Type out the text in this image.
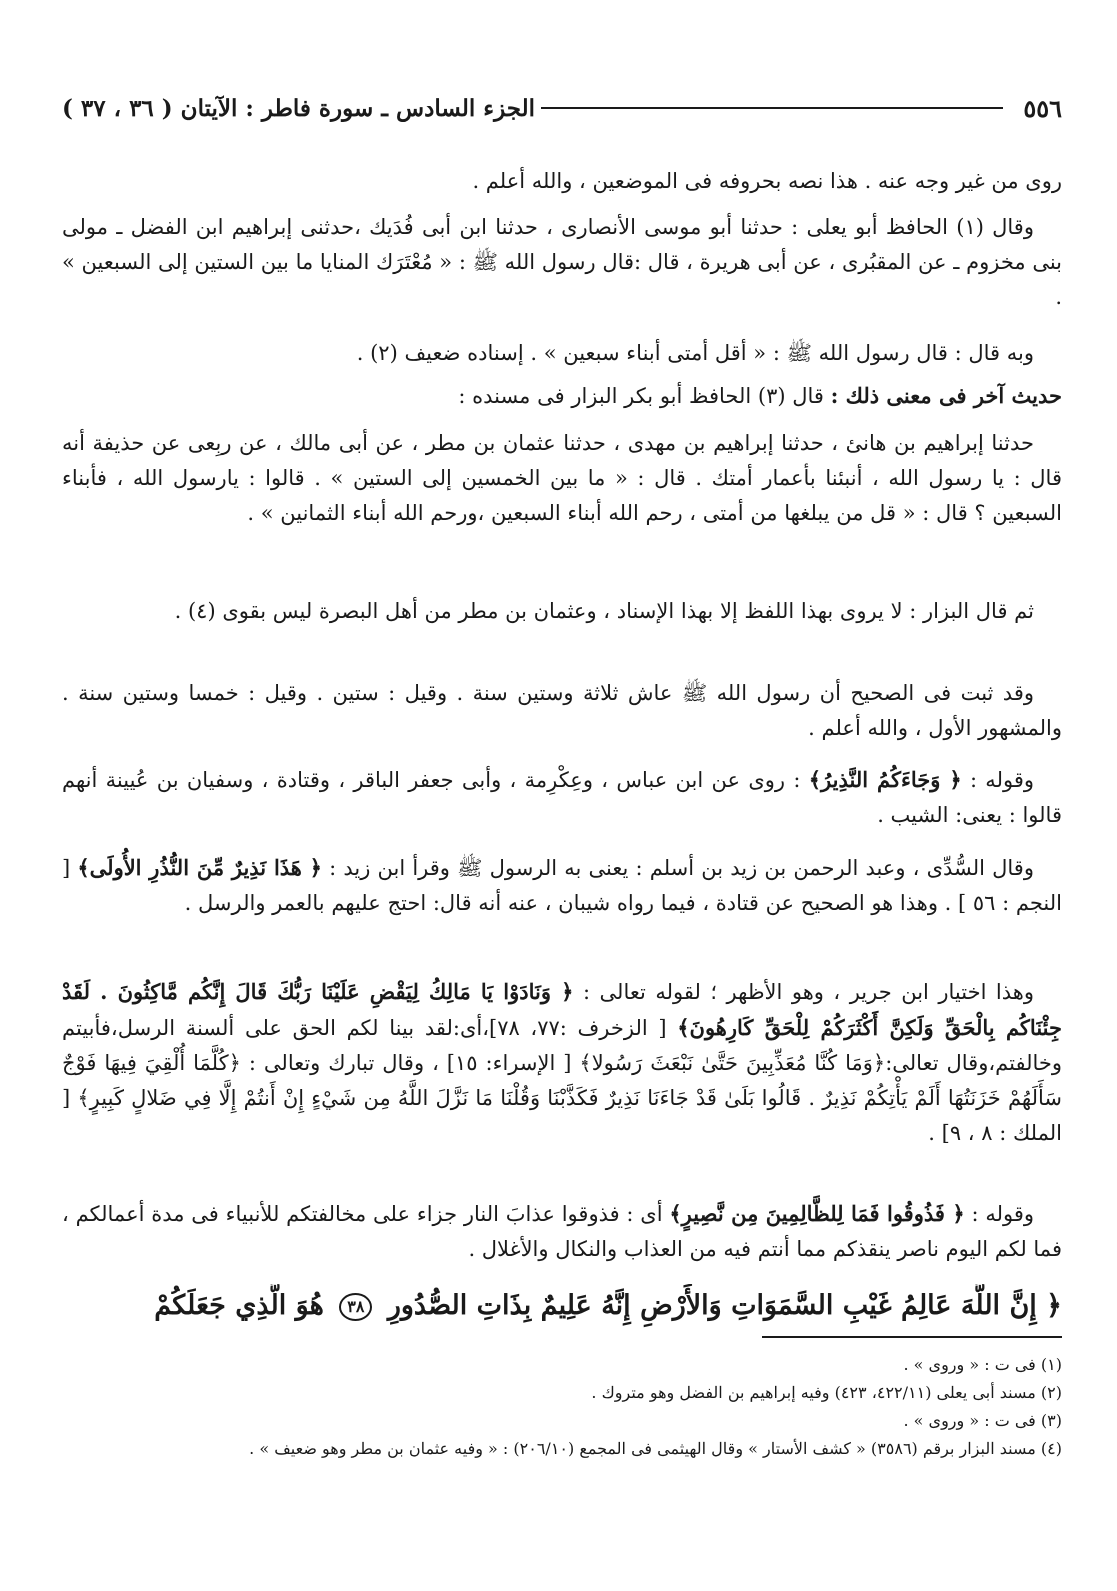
٥٥٦
الجزء السادس ـ سورة فاطر : الآيتان ( ٣٦ ، ٣٧ )
روى من غير وجه عنه . هذا نصه بحروفه فى الموضعين ، والله أعلم .
وقال (١) الحافظ أبو يعلى : حدثنا أبو موسى الأنصارى ، حدثنا ابن أبى فُدَيك ،حدثنى إبراهيم ابن الفضل ـ مولى بنى مخزوم ـ عن المقبُرى ، عن أبى هريرة ، قال :قال رسول الله ﷺ : « مُعْتَرَك المنايا ما بين الستين إلى السبعين » .
وبه قال : قال رسول الله ﷺ : « أقل أمتى أبناء سبعين » . إسناده ضعيف (٢) .
حديث آخر فى معنى ذلك : قال (٣) الحافظ أبو بكر البزار فى مسنده :
حدثنا إبراهيم بن هانئ ، حدثنا إبراهيم بن مهدى ، حدثنا عثمان بن مطر ، عن أبى مالك ، عن ربِعى عن حذيفة أنه قال : يا رسول الله ، أنبئنا بأعمار أمتك . قال : « ما بين الخمسين إلى الستين » . قالوا : يارسول الله ، فأبناء السبعين ؟ قال : « قل من يبلغها من أمتى ، رحم الله أبناء السبعين ،ورحم الله أبناء الثمانين » .
ثم قال البزار : لا يروى بهذا اللفظ إلا بهذا الإسناد ، وعثمان بن مطر من أهل البصرة ليس بقوى (٤) .
وقد ثبت فى الصحيح أن رسول الله ﷺ عاش ثلاثة وستين سنة . وقيل : ستين . وقيل : خمسا وستين سنة . والمشهور الأول ، والله أعلم .
وقوله : ﴿ وَجَاءَكُمُ النَّذِيرُ﴾ : روى عن ابن عباس ، وعِكْرِمة ، وأبى جعفر الباقر ، وقتادة ، وسفيان بن عُيينة أنهم قالوا : يعنى: الشيب .
وقال السُّدِّى ، وعبد الرحمن بن زيد بن أسلم : يعنى به الرسول ﷺ وقرأ ابن زيد : ﴿ هَذَا نَذِيرٌ مِّنَ النُّذُرِ الأُولَى﴾ [ النجم : ٥٦ ] . وهذا هو الصحيح عن قتادة ، فيما رواه شيبان ، عنه أنه قال: احتج عليهم بالعمر والرسل .
وهذا اختيار ابن جرير ، وهو الأظهر ؛ لقوله تعالى : ﴿ وَنَادَوْا يَا مَالِكُ لِيَقْضِ عَلَيْنَا رَبُّكَ قَالَ إِنَّكُم مَّاكِثُونَ . لَقَدْ جِئْنَاكُم بِالْحَقِّ وَلَكِنَّ أَكْثَرَكُمْ لِلْحَقِّ كَارِهُونَ﴾ [ الزخرف :٧٧، ٧٨]،أى:لقد بينا لكم الحق على ألسنة الرسل،فأبيتم وخالفتم،وقال تعالى:﴿وَمَا كُنَّا مُعَذِّبِينَ حَتَّىٰ نَبْعَثَ رَسُولا﴾ [ الإسراء: ١٥] ، وقال تبارك وتعالى : ﴿كُلَّمَا أُلْقِيَ فِيهَا فَوْجٌ سَأَلَهُمْ خَزَنَتُهَا أَلَمْ يَأْتِكُمْ نَذِيرٌ . قَالُوا بَلَىٰ قَدْ جَاءَنَا نَذِيرٌ فَكَذَّبْنَا وَقُلْنَا مَا نَزَّلَ اللَّهُ مِن شَيْءٍ إِنْ أَنتُمْ إِلَّا فِي ضَلالٍ كَبِيرٍ﴾ [ الملك : ٨ ، ٩] .
وقوله : ﴿ فَذُوقُوا فَمَا لِلظَّالِمِينَ مِن نَّصِيرٍ﴾ أى : فذوقوا عذابَ النار جزاء على مخالفتكم للأنبياء فى مدة أعمالكم ، فما لكم اليوم ناصر ينقذكم مما أنتم فيه من العذاب والنكال والأغلال .
﴿ إِنَّ اللَّهَ عَالِمُ غَيْبِ السَّمَوَاتِ وَالأَرْضِ إِنَّهُ عَلِيمٌ بِذَاتِ الصُّدُورِ ٣٨ هُوَ الَّذِي جَعَلَكُمْ
(١) فى ت : « وروى » .
(٢) مسند أبى يعلى (٤٢٢/١١، ٤٢٣) وفيه إبراهيم بن الفضل وهو متروك .
(٣) فى ت : « وروى » .
(٤) مسند البزار برقم (٣٥٨٦) « كشف الأستار » وقال الهيثمى فى المجمع (٢٠٦/١٠) : « وفيه عثمان بن مطر وهو ضعيف » .
